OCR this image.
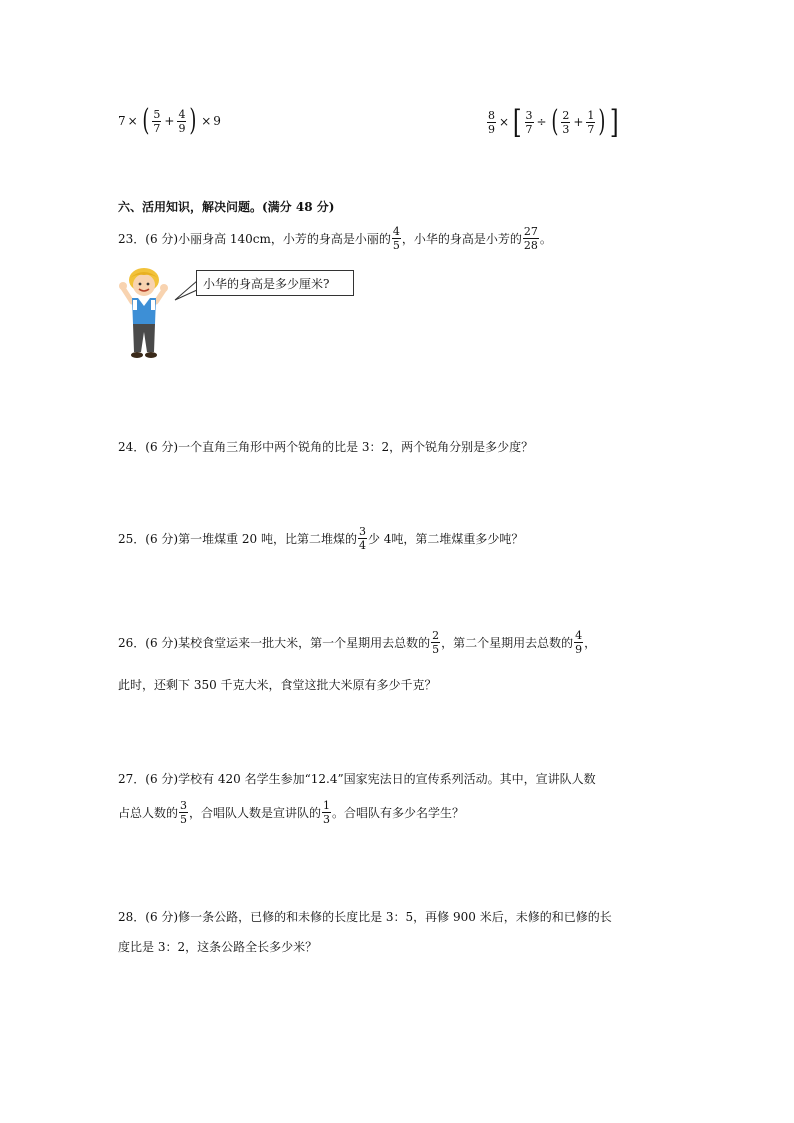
7 × ( $\frac{5}{7} + \frac{4}{9}$ ) × 9	$\frac{8}{9}$ × [ $\frac{3}{7}$ ÷ ( $\frac{2}{3} + \frac{1}{7}$ ) ]
六、活用知识，解决问题。(满分 48 分)
23．(6 分)小丽身高 140cm，小芳的身高是小丽的 $\frac{4}{5}$ ，小华的身高是小芳的 $\frac{27}{28}$ 。
小华的身高是多少厘米?
24．(6 分)一个直角三角形中两个锐角的比是 3：2，两个锐角分别是多少度？
25．(6 分)第一堆煤重 20 吨，比第二堆煤的 $\frac{3}{4}$ 少 4吨，第二堆煤重多少吨？
26．(6 分)某校食堂运来一批大米，第一个星期用去总数的 $\frac{2}{5}$ ，第二个星期用去总数的 $\frac{4}{9}$ ，
此时，还剩下 350 千克大米，食堂这批大米原有多少千克？
27．(6 分)学校有 420 名学生参加“12.4”国家宪法日的宣传系列活动。其中，宣讲队人数
占总人数的 $\frac{3}{5}$ ，合唱队人数是宣讲队的 $\frac{1}{3}$ 。合唱队有多少名学生？
28．(6 分)修一条公路，已修的和未修的长度比是 3：5，再修 900 米后，未修的和已修的长
度比是 3：2，这条公路全长多少米？
